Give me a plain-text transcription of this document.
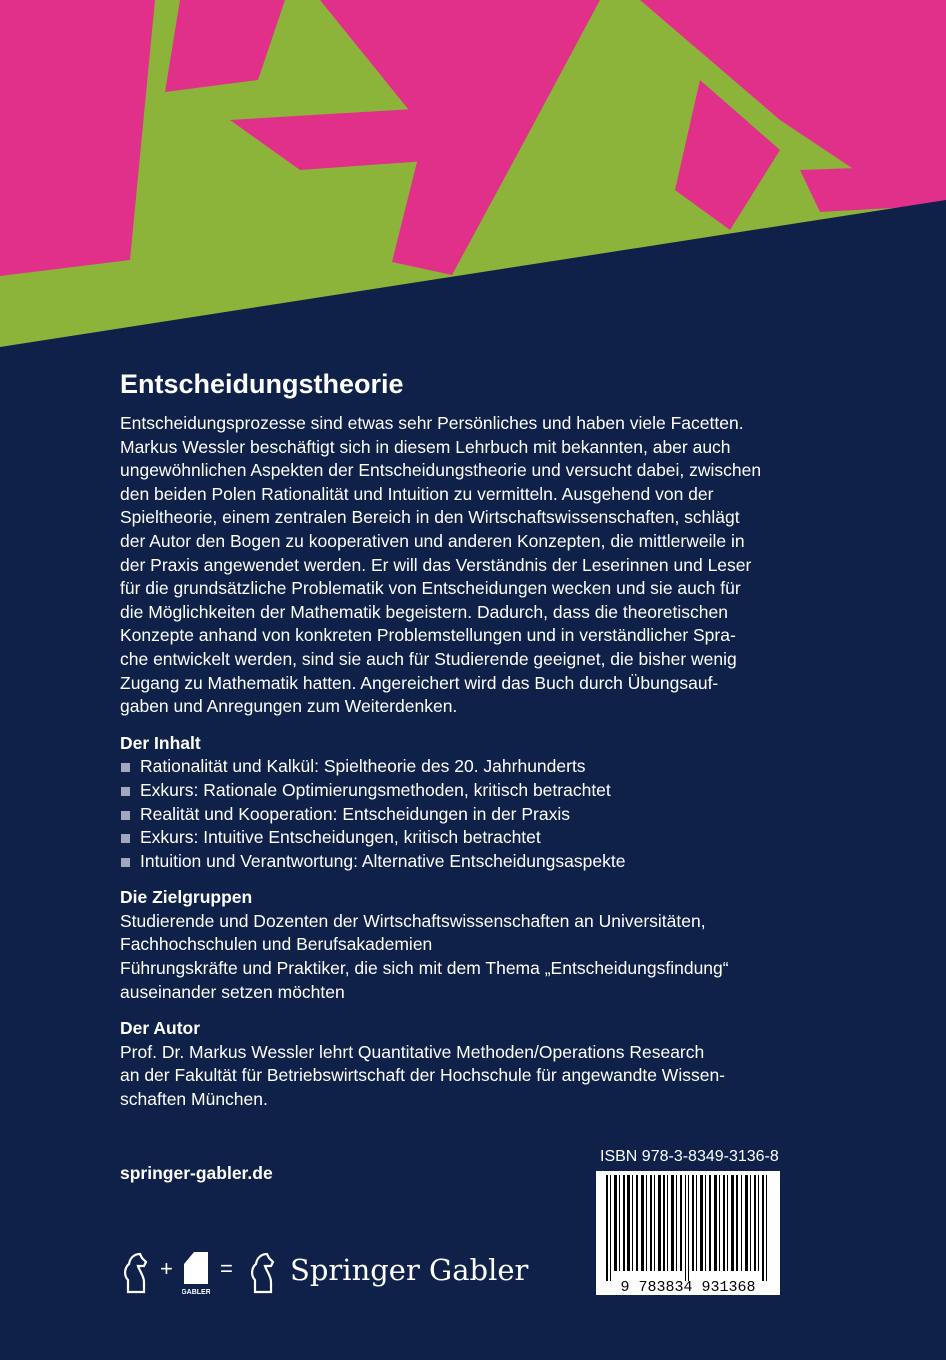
Entscheidungstheorie

Entscheidungsprozesse sind etwas sehr Persönliches und haben viele Facetten.

Markus Wessler beschäftigt sich in diesem Lehrbuch mit bekannten, aber auch

ungewöhnlichen Aspekten der Entscheidungstheorie und versucht dabei, zwischen

den beiden Polen Rationalität und Intuition zu vermitteln. Ausgehend von der

Spieltheorie, einem zentralen Bereich in den Wirtschaftswissenschaften, schlägt

der Autor den Bogen zu kooperativen und anderen Konzepten, die mittlerweile in

der Praxis angewendet werden. Er will das Verständnis der Leserinnen und Leser

für die grundsätzliche Problematik von Entscheidungen wecken und sie auch für

die Möglichkeiten der Mathematik begeistern. Dadurch, dass die theoretischen

Konzepte anhand von konkreten Problemstellungen und in verständlicher Spra-

che entwickelt werden, sind sie auch für Studierende geeignet, die bisher wenig

Zugang zu Mathematik hatten. Angereichert wird das Buch durch Übungsauf-

gaben und Anregungen zum Weiterdenken.

Der Inhalt
Rationalität und Kalkül: Spieltheorie des 20. Jahrhunderts
Exkurs: Rationale Optimierungsmethoden, kritisch betrachtet
Realität und Kooperation: Entscheidungen in der Praxis
Exkurs: Intuitive Entscheidungen, kritisch betrachtet
Intuition und Verantwortung: Alternative Entscheidungsaspekte
Die Zielgruppen

Studierende und Dozenten der Wirtschaftswissenschaften an Universitäten,

Fachhochschulen und Berufsakademien

Führungskräfte und Praktiker, die sich mit dem Thema „Entscheidungsfindung“

auseinander setzen möchten

Der Autor

Prof. Dr. Markus Wessler lehrt Quantitative Methoden/Operations Research

an der Fakultät für Betriebswirtschaft der Hochschule für angewandte Wissen-

schaften München.

springer-gabler.de
ISBN 978-3-8349-3136-8
9 783834 931368
+
GABLER
= Springer Gabler
